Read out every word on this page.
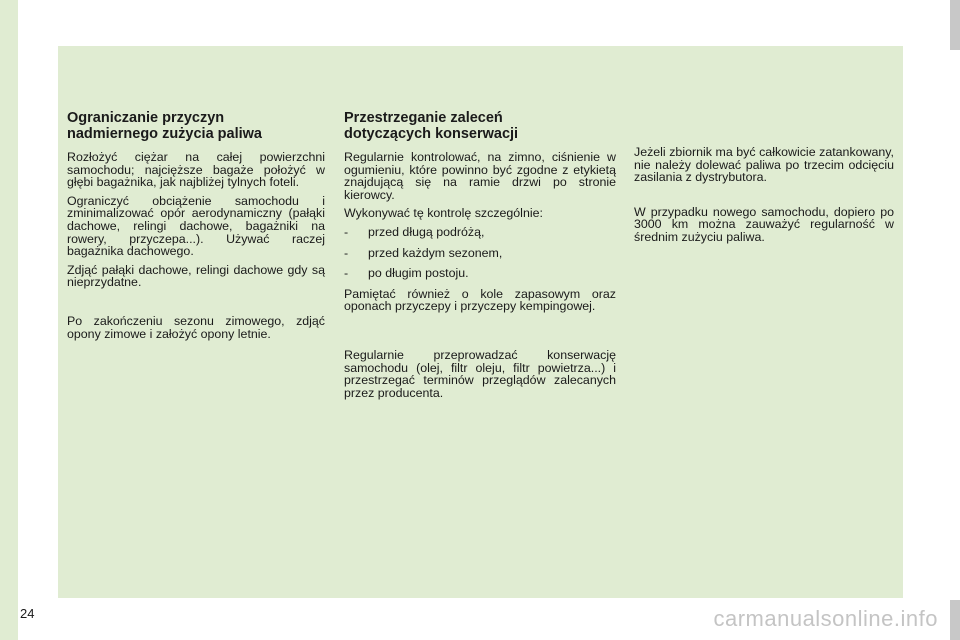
Ograniczanie przyczyn
nadmiernego zużycia paliwa

Rozłożyć ciężar na całej powierzchni samochodu; najcięższe bagaże położyć w głębi bagażnika, jak najbliżej tylnych foteli.

Ograniczyć obciążenie samochodu i zminimalizować opór aerodynamiczny (pałąki dachowe, relingi dachowe, bagażniki na rowery, przyczepa...). Używać raczej bagażnika dachowego.

Zdjąć pałąki dachowe, relingi dachowe gdy są nieprzydatne.

Po zakończeniu sezonu zimowego, zdjąć opony zimowe i założyć opony letnie.

Przestrzeganie zaleceń
dotyczących konserwacji

Regularnie kontrolować, na zimno, ciśnienie w ogumieniu, które powinno być zgodne z etykietą znajdującą się na ramie drzwi po stronie kierowcy.

Wykonywać tę kontrolę szczególnie:

-	przed długą podróżą,
-	przed każdym sezonem,
-	po długim postoju.

Pamiętać również o kole zapasowym oraz oponach przyczepy i przyczepy kempingowej.

Regularnie przeprowadzać konserwację samochodu (olej, filtr oleju, filtr powietrza...) i przestrzegać terminów przeglądów zalecanych przez producenta.

Jeżeli zbiornik ma być całkowicie zatankowany, nie należy dolewać paliwa po trzecim odcięciu zasilania z dystrybutora.

W przypadku nowego samochodu, dopiero po 3000 km można zauważyć regularność w średnim zużyciu paliwa.

24	carmanualsonline.info
